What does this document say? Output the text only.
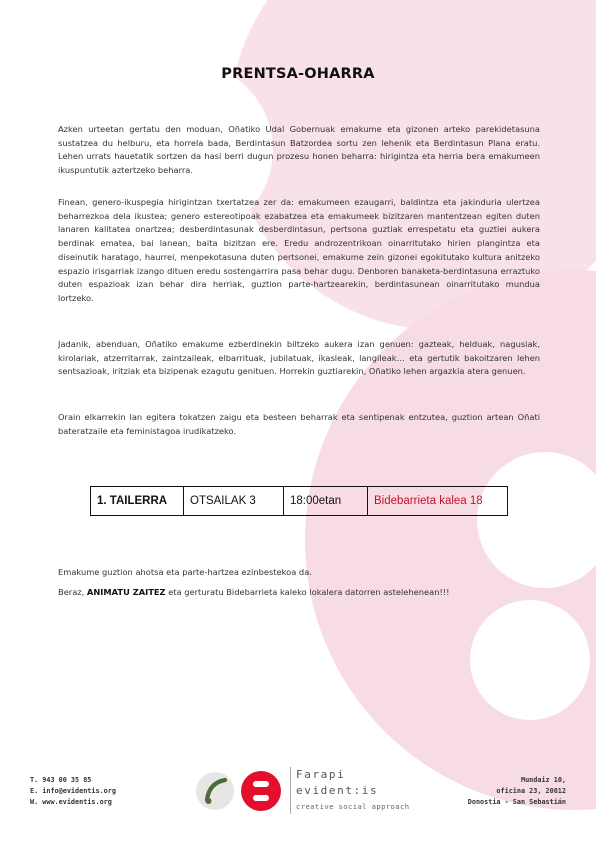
PRENTSA-OHARRA

Azken urteetan gertatu den moduan, Oñatiko Udal Gobernuak emakume eta gizonen arteko parekidetasuna sustatzea du helburu, eta horrela bada, Berdintasun Batzordea sortu zen lehenik eta Berdintasun Plana eratu. Lehen urrats hauetatik sortzen da hasi berri dugun prozesu honen beharra: hirigintza eta herria bera emakumeen ikuspuntutik aztertzeko beharra.

Finean, genero-ikuspegia hirigintzan txertatzea zer da: emakumeen ezaugarri, baldintza eta jakinduria ulertzea beharrezkoa dela ikustea; genero estereotipoak ezabatzea eta emakumeek bizitzaren mantentzean egiten duten lanaren kalitatea onartzea; desberdintasunak desberdintasun, pertsona guztiak errespetatu eta guztiei aukera berdinak ematea, bai lanean, baita bizitzan ere. Eredu androzentrikoan oinarritutako hirien plangintza eta diseinutik haratago, haurrei, menpekotasuna duten pertsonei, emakume zein gizonei egokitutako kultura anitzeko espazio irisgarriak izango dituen eredu sostengarrira pasa behar dugu. Denboren banaketa-berdintasuna erraztuko duten espazioak izan behar dira herriak, guztion parte-hartzearekin, berdintasunean oinarritutako mundua lortzeko.

Jadanik, abenduan, Oñatiko emakume ezberdinekin biltzeko aukera izan genuen: gazteak, helduak, nagusiak, kirolariak, atzerritarrak, zaintzaileak, elbarrituak, jubilatuak, ikasleak, langileak… eta gertutik bakoitzaren lehen sentsazioak, iritziak eta bizipenak ezagutu genituen. Horrekin guztiarekin, Oñatiko lehen argazkia atera genuen.

Orain elkarrekin lan egitera tokatzen zaigu eta besteen beharrak eta sentipenak entzutea, guztion artean Oñati bateratzaile eta feministagoa irudikatzeko.

1. TAILERRA	OTSAILAK 3	18:00etan	Bidebarrieta kalea 18

Emakume guztion ahotsa eta parte-hartzea ezinbestekoa da.

Beraz, ANIMATU ZAITEZ eta gerturatu Bidebarrieta kaleko lokalera datorren astelehenean!!!

T. 943 00 35 85
E. info@evidentis.org
W. www.evidentis.org
Farapi
evident:is
creative social approach
Mundaiz 10,
oficina 23, 20012
Donostia - San Sebastián
